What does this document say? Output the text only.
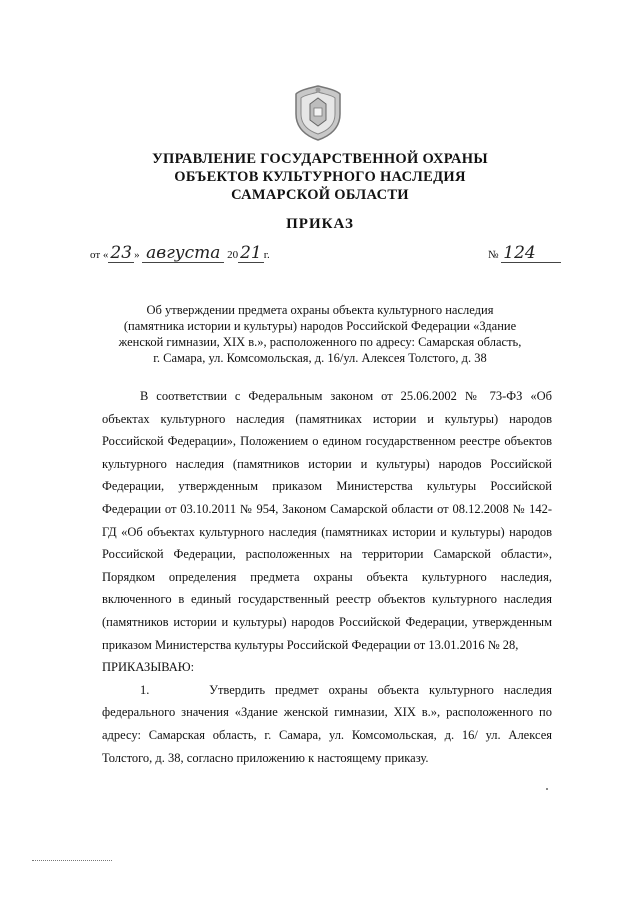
УПРАВЛЕНИЕ ГОСУДАРСТВЕННОЙ ОХРАНЫ
ОБЪЕКТОВ КУЛЬТУРНОГО НАСЛЕДИЯ
САМАРСКОЙ ОБЛАСТИ
ПРИКАЗ
от « 23 » августа 20 21 г.	№ 124
Об утверждении предмета охраны объекта культурного наследия
(памятника истории и культуры) народов Российской Федерации «Здание
женской гимназии, XIX в.», расположенного по адресу: Самарская область,
г. Самара, ул. Комсомольская, д. 16/ул. Алексея Толстого, д. 38

В соответствии с Федеральным законом от 25.06.2002 № 73-ФЗ «Об объектах культурного наследия (памятниках истории и культуры) народов Российской Федерации», Положением о едином государственном реестре объектов культурного наследия (памятников истории и культуры) народов Российской Федерации, утвержденным приказом Министерства культуры Российской Федерации от 03.10.2011 № 954, Законом Самарской области от 08.12.2008 № 142-ГД «Об объектах культурного наследия (памятниках истории и культуры) народов Российской Федерации, расположенных на территории Самарской области», Порядком определения предмета охраны объекта культурного наследия, включенного в единый государственный реестр объектов культурного наследия (памятников истории и культуры) народов Российской Федерации, утвержденным приказом Министерства культуры Российской Федерации от 13.01.2016 № 28,

ПРИКАЗЫВАЮ:

1.      Утвердить предмет охраны объекта культурного наследия федерального значения «Здание женской гимназии, XIX в.», расположенного по адресу: Самарская область, г. Самара, ул. Комсомольская, д. 16/ ул. Алексея Толстого, д. 38, согласно приложению к настоящему приказу.
